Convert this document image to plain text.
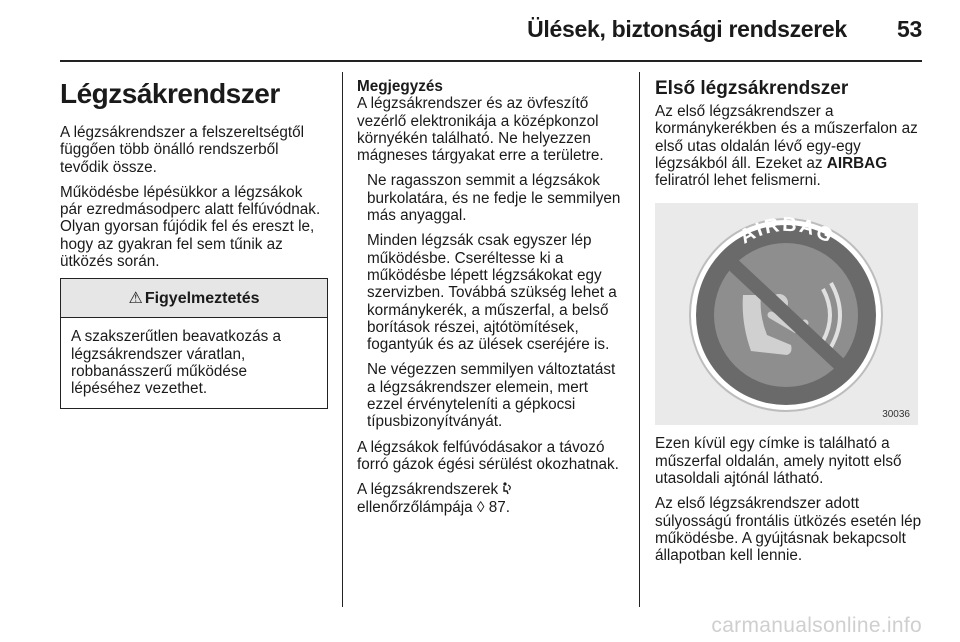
Ülések, biztonsági rendszerek 53
Légzsákrendszer

A légzsákrendszer a felszereltségtől függően több önálló rendszerből tevődik össze.

Működésbe lépésükkor a légzsákok pár ezredmásodperc alatt felfúvódnak. Olyan gyorsan fújódik fel és ereszt le, hogy az gyakran fel sem tűnik az ütközés során.

⚠ Figyelmeztetés
A szakszerűtlen beavatkozás a légzsákrendszer váratlan, robbanásszerű működése lépéséhez vezethet.
Megjegyzés

A légzsákrendszer és az övfeszítő vezérlő elektronikája a középkonzol környékén található. Ne helyezzen mágneses tárgyakat erre a területre.

Ne ragasszon semmit a légzsákok burkolatára, és ne fedje le semmilyen más anyaggal.

Minden légzsák csak egyszer lép működésbe. Cseréltesse ki a működésbe lépett légzsákokat egy szervizben. Továbbá szükség lehet a kormánykerék, a műszerfal, a belső borítások részei, ajtótömítések, fogantyúk és az ülések cseréjére is.

Ne végezzen semmilyen változtatást a légzsákrendszer elemein, mert ezzel érvényteleníti a gépkocsi típusbizonyítványát.

A légzsákok felfúvódásakor a távozó forró gázok égési sérülést okozhatnak.

A légzsákrendszerek
ellenőrzőlámpája ◊ 87.

Első légzsákrendszer

Az első légzsákrendszer a kormánykerékben és a műszerfalon az első utas oldalán lévő egy-egy légzsákból áll. Ezeket az AIRBAG feliratról lehet felismerni.

AIRBAG
30036

Ezen kívül egy címke is található a műszerfal oldalán, amely nyitott első utasoldali ajtónál látható.

Az első légzsákrendszer adott súlyosságú frontális ütközés esetén lép működésbe. A gyújtásnak bekapcsolt állapotban kell lennie.

carmanualsonline.info
